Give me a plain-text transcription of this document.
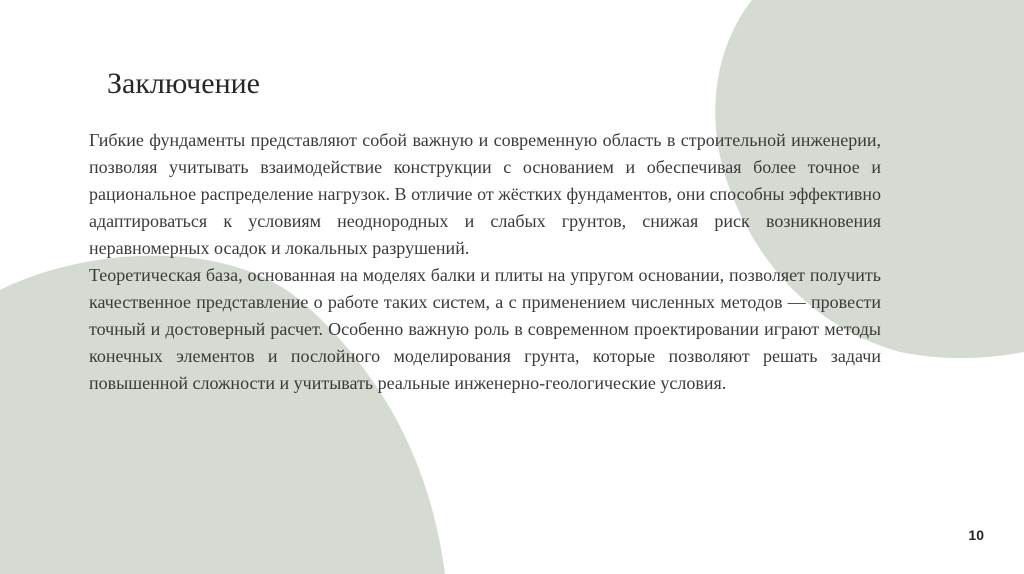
Заключение

Гибкие фундаменты представляют собой важную и современную область в строительной инженерии, позволяя учитывать взаимодействие конструкции с основанием и обеспечивая более точное и рациональное распределение нагрузок. В отличие от жёстких фундаментов, они способны эффективно адаптироваться к условиям неоднородных и слабых грунтов, снижая риск возникновения неравномерных осадок и локальных разрушений.

Теоретическая база, основанная на моделях балки и плиты на упругом основании, позволяет получить качественное представление о работе таких систем, а с применением численных методов — провести точный и достоверный расчет. Особенно важную роль в современном проектировании играют методы конечных элементов и послойного моделирования грунта, которые позволяют решать задачи повышенной сложности и учитывать реальные инженерно-геологические условия.

10
